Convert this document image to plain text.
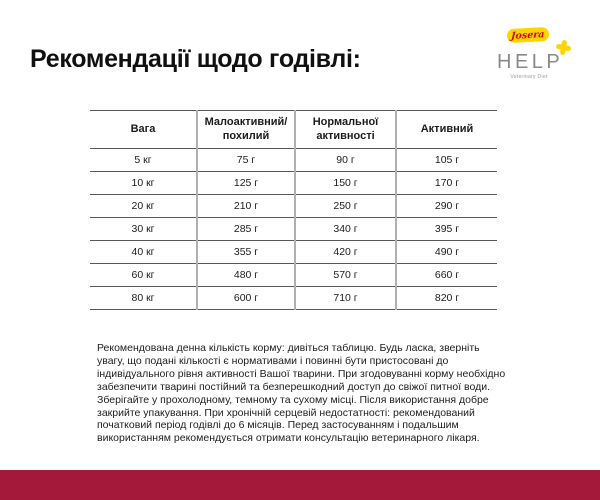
Рекомендації щодо годівлі:
Josera
HELP
Veterinary Diet
Вага	Малоактивний/ похилий	Нормальної активності	Активний
5 кг	75 г	90 г	105 г
10 кг	125 г	150 г	170 г
20 кг	210 г	250 г	290 г
30 кг	285 г	340 г	395 г
40 кг	355 г	420 г	490 г
60 кг	480 г	570 г	660 г
80 кг	600 г	710 г	820 г

Рекомендована денна кількість корму: дивіться таблицю. Будь ласка, зверніть увагу, що подані кількості є нормативами і повинні бути пристосовані до індивідуального рівня активності Вашої тварини. При згодовуванні корму необхідно забезпечити тварині постійний та безперешкодний доступ до свіжої питної води. Зберігайте у прохолодному, темному та сухому місці. Після використання добре закрийте упакування. При хронічній серцевій недостатності: рекомендований початковий період годівлі до 6 місяців. Перед застосуванням і подальшим використанням рекомендується отримати консультацію ветеринарного лікаря.
